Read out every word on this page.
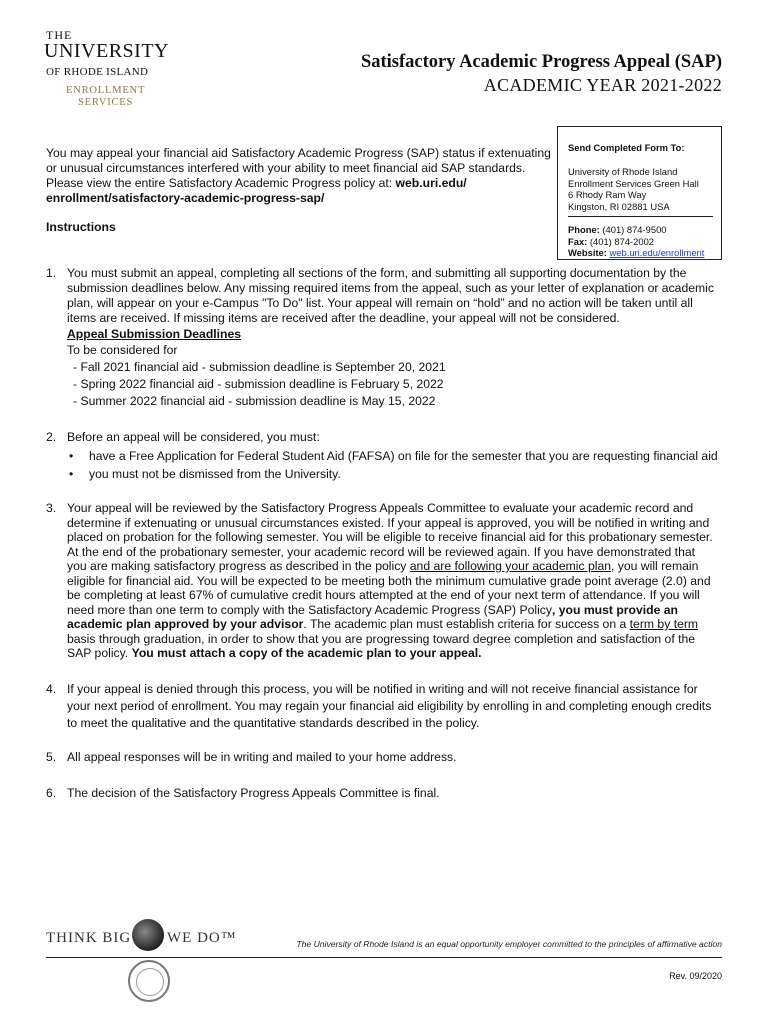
THE
UNIVERSITY
OF RHODE ISLAND
ENROLLMENT
SERVICES
Satisfactory Academic Progress Appeal (SAP)
ACADEMIC YEAR 2021-2022
You may appeal your financial aid Satisfactory Academic Progress (SAP) status if extenuating or unusual circumstances interfered with your ability to meet financial aid SAP standards. Please view the entire Satisfactory Academic Progress policy at: web.uri.edu/ enrollment/satisfactory-academic-progress-sap/
Instructions
Send Completed Form To:
University of Rhode Island
Enrollment Services Green Hall
6 Rhody Ram Way
Kingston, RI 02881 USA
Phone: (401) 874-9500
Fax: (401) 874-2002
Website: web.uri.edu/enrollment
1. You must submit an appeal, completing all sections of the form, and submitting all supporting documentation by the submission deadlines below. Any missing required items from the appeal, such as your letter of explanation or academic plan, will appear on your e-Campus "To Do" list. Your appeal will remain on “hold” and no action will be taken until all items are received. If missing items are received after the deadline, your appeal will not be considered.
Appeal Submission Deadlines
To be considered for
- Fall 2021 financial aid - submission deadline is September 20, 2021
- Spring 2022 financial aid - submission deadline is February 5, 2022
- Summer 2022 financial aid - submission deadline is May 15, 2022
2. Before an appeal will be considered, you must:
• have a Free Application for Federal Student Aid (FAFSA) on file for the semester that you are requesting financial aid
• you must not be dismissed from the University.
3. Your appeal will be reviewed by the Satisfactory Progress Appeals Committee to evaluate your academic record and determine if extenuating or unusual circumstances existed. If your appeal is approved, you will be notified in writing and placed on probation for the following semester. You will be eligible to receive financial aid for this probationary semester. At the end of the probationary semester, your academic record will be reviewed again. If you have demonstrated that you are making satisfactory progress as described in the policy and are following your academic plan, you will remain eligible for financial aid. You will be expected to be meeting both the minimum cumulative grade point average (2.0) and be completing at least 67% of cumulative credit hours attempted at the end of your next term of attendance. If you will need more than one term to comply with the Satisfactory Academic Progress (SAP) Policy, you must provide an academic plan approved by your advisor. The academic plan must establish criteria for success on a term by term basis through graduation, in order to show that you are progressing toward degree completion and satisfaction of the SAP policy. You must attach a copy of the academic plan to your appeal.
4. If your appeal is denied through this process, you will be notified in writing and will not receive financial assistance for your next period of enrollment. You may regain your financial aid eligibility by enrolling in and completing enough credits to meet the qualitative and the quantitative standards described in the policy.
5. All appeal responses will be in writing and mailed to your home address.
6. The decision of the Satisfactory Progress Appeals Committee is final.
THINK BIG WE DO™	The University of Rhode Island is an equal opportunity employer committed to the principles of affirmative action
Rev. 09/2020
